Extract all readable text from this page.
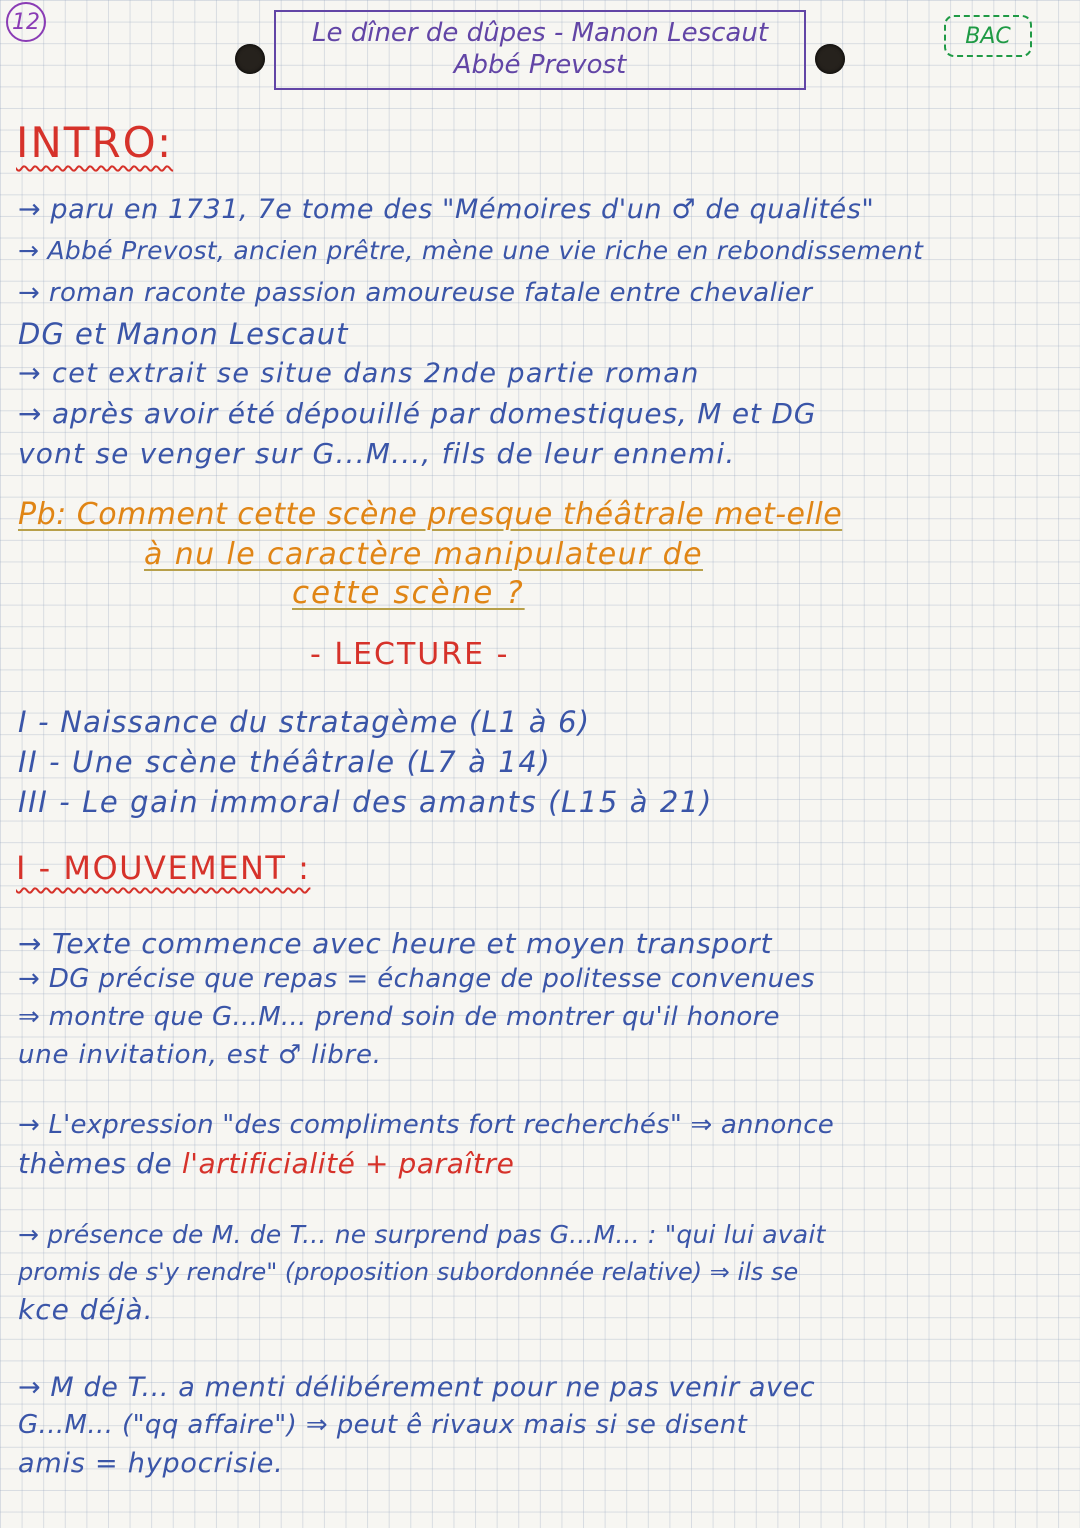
12	Le dîner de dûpes - Manon Lescaut
Abbé Prevost
BAC
INTRO:
→ paru en 1731, 7e tome des "Mémoires d'un ♂ de qualités"
→ Abbé Prevost, ancien prêtre, mène une vie riche en rebondissement
→ roman raconte passion amoureuse fatale entre chevalier
DG et Manon Lescaut
→ cet extrait se situe dans 2nde partie roman
→ après avoir été dépouillé par domestiques, M et DG
vont se venger sur G...M..., fils de leur ennemi.
Pb: Comment cette scène presque théâtrale met-elle
à nu le caractère manipulateur de
cette scène ?
- LECTURE -
I - Naissance du stratagème (L1 à 6)
II - Une scène théâtrale (L7 à 14)
III - Le gain immoral des amants (L15 à 21)
I - MOUVEMENT :
→ Texte commence avec heure et moyen transport
→ DG précise que repas = échange de politesse convenues
⇒ montre que G...M... prend soin de montrer qu'il honore
une invitation, est ♂ libre.
→ L'expression "des compliments fort recherchés" ⇒ annonce
thèmes de l'artificialité + paraître
→ présence de M. de T... ne surprend pas G...M... : "qui lui avait
promis de s'y rendre" (proposition subordonnée relative) ⇒ ils se
kce déjà.
→ M de T... a menti délibérement pour ne pas venir avec
G...M... ("qq affaire") ⇒ peut ê rivaux mais si se disent
amis = hypocrisie.
